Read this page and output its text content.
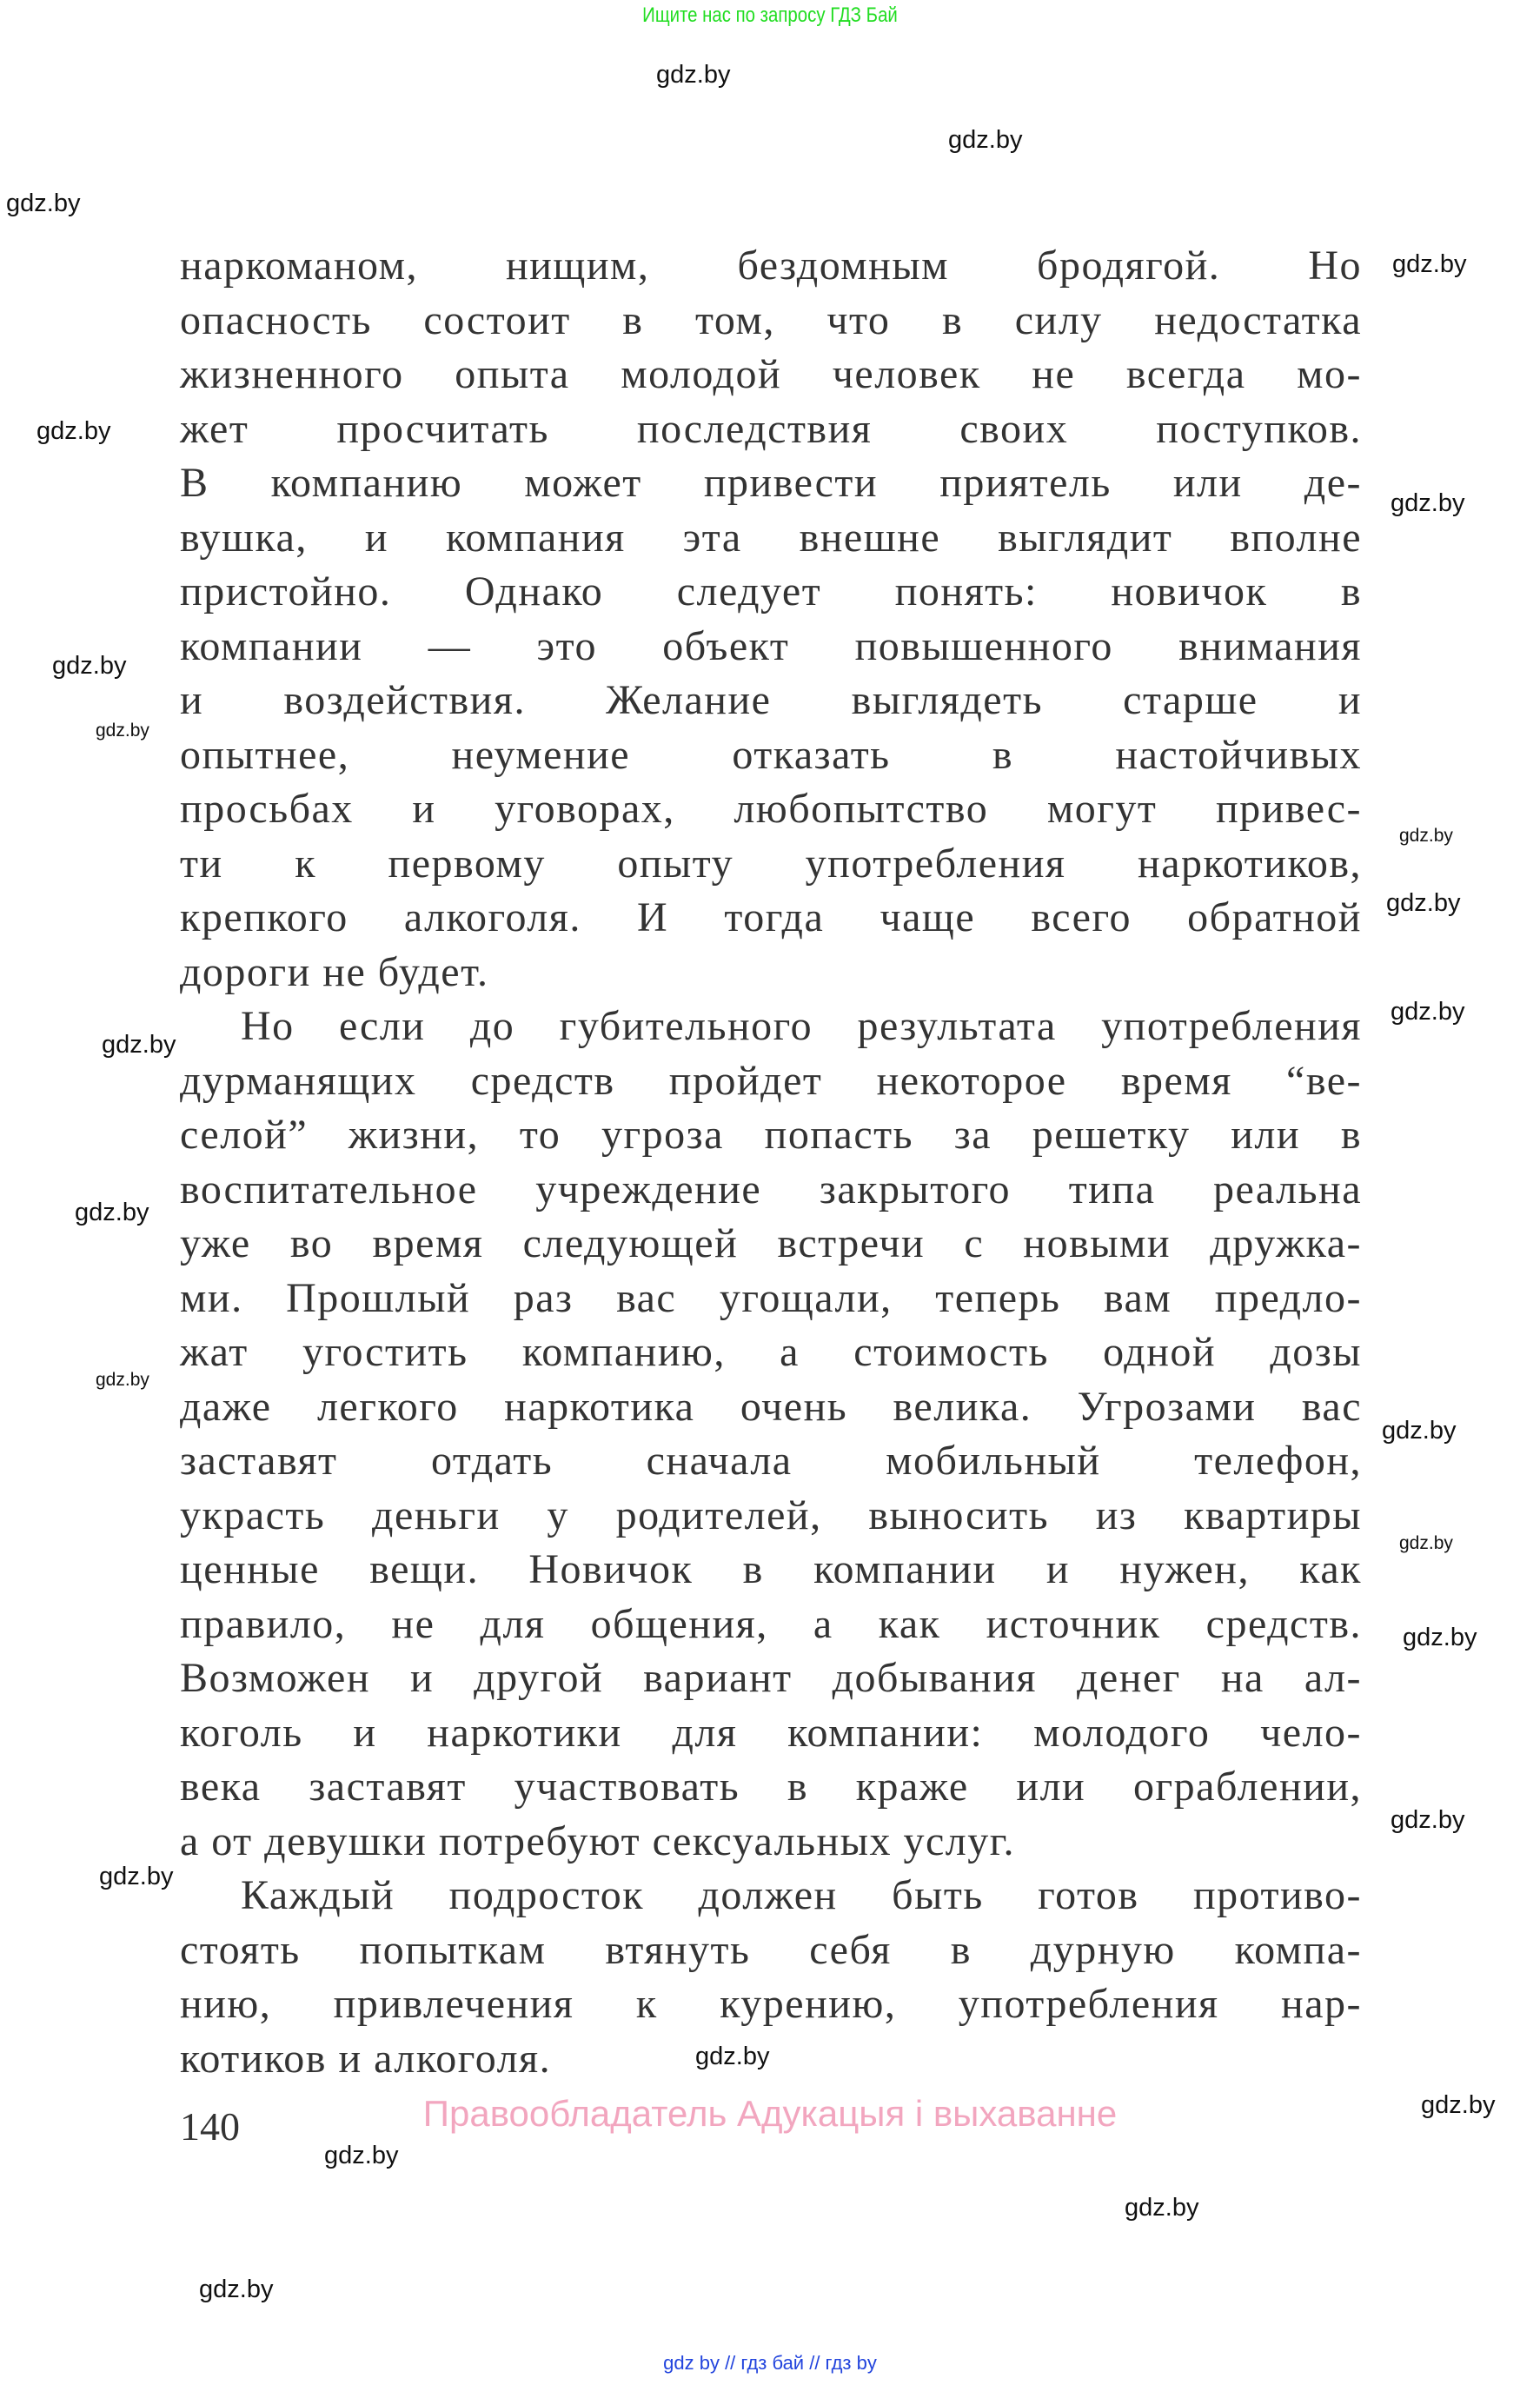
Ищите нас по запросу ГДЗ Бай
наркоманом, нищим, бездомным бродягой. Но
опасность состоит в том, что в силу недостатка
жизненного опыта молодой человек не всегда мо-
жет просчитать последствия своих поступков.
В компанию может привести приятель или де-
вушка, и компания эта внешне выглядит вполне
пристойно. Однако следует понять: новичок в
компании — это объект повышенного внимания
и воздействия. Желание выглядеть старше и
опытнее, неумение отказать в настойчивых
просьбах и уговорах, любопытство могут привес-
ти к первому опыту употребления наркотиков,
крепкого алкоголя. И тогда чаще всего обратной
дороги не будет.
Но если до губительного результата употребления
дурманящих средств пройдет некоторое время “ве-
селой” жизни, то угроза попасть за решетку или в
воспитательное учреждение закрытого типа реальна
уже во время следующей встречи с новыми дружка-
ми. Прошлый раз вас угощали, теперь вам предло-
жат угостить компанию, а стоимость одной дозы
даже легкого наркотика очень велика. Угрозами вас
заставят отдать сначала мобильный телефон,
украсть деньги у родителей, выносить из квартиры
ценные вещи. Новичок в компании и нужен, как
правило, не для общения, а как источник средств.
Возможен и другой вариант добывания денег на ал-
коголь и наркотики для компании: молодого чело-
века заставят участвовать в краже или ограблении,
а от девушки потребуют сексуальных услуг.
Каждый подросток должен быть готов противо-
стоять попыткам втянуть себя в дурную компа-
нию, привлечения к курению, употребления нар-
котиков и алкоголя.
140	Правообладатель Адукацыя і выхаванне
gdz.by
gdz.by
gdz.by
gdz.by
gdz.by
gdz.by
gdz.by
gdz.by
gdz.by
gdz.by
gdz.by
gdz.by
gdz.by
gdz.by
gdz.by
gdz.by
gdz.by
gdz.by
gdz.by
gdz.by
gdz.by
gdz.by
gdz.by
gdz.by
gdz by // гдз бай // гдз by
